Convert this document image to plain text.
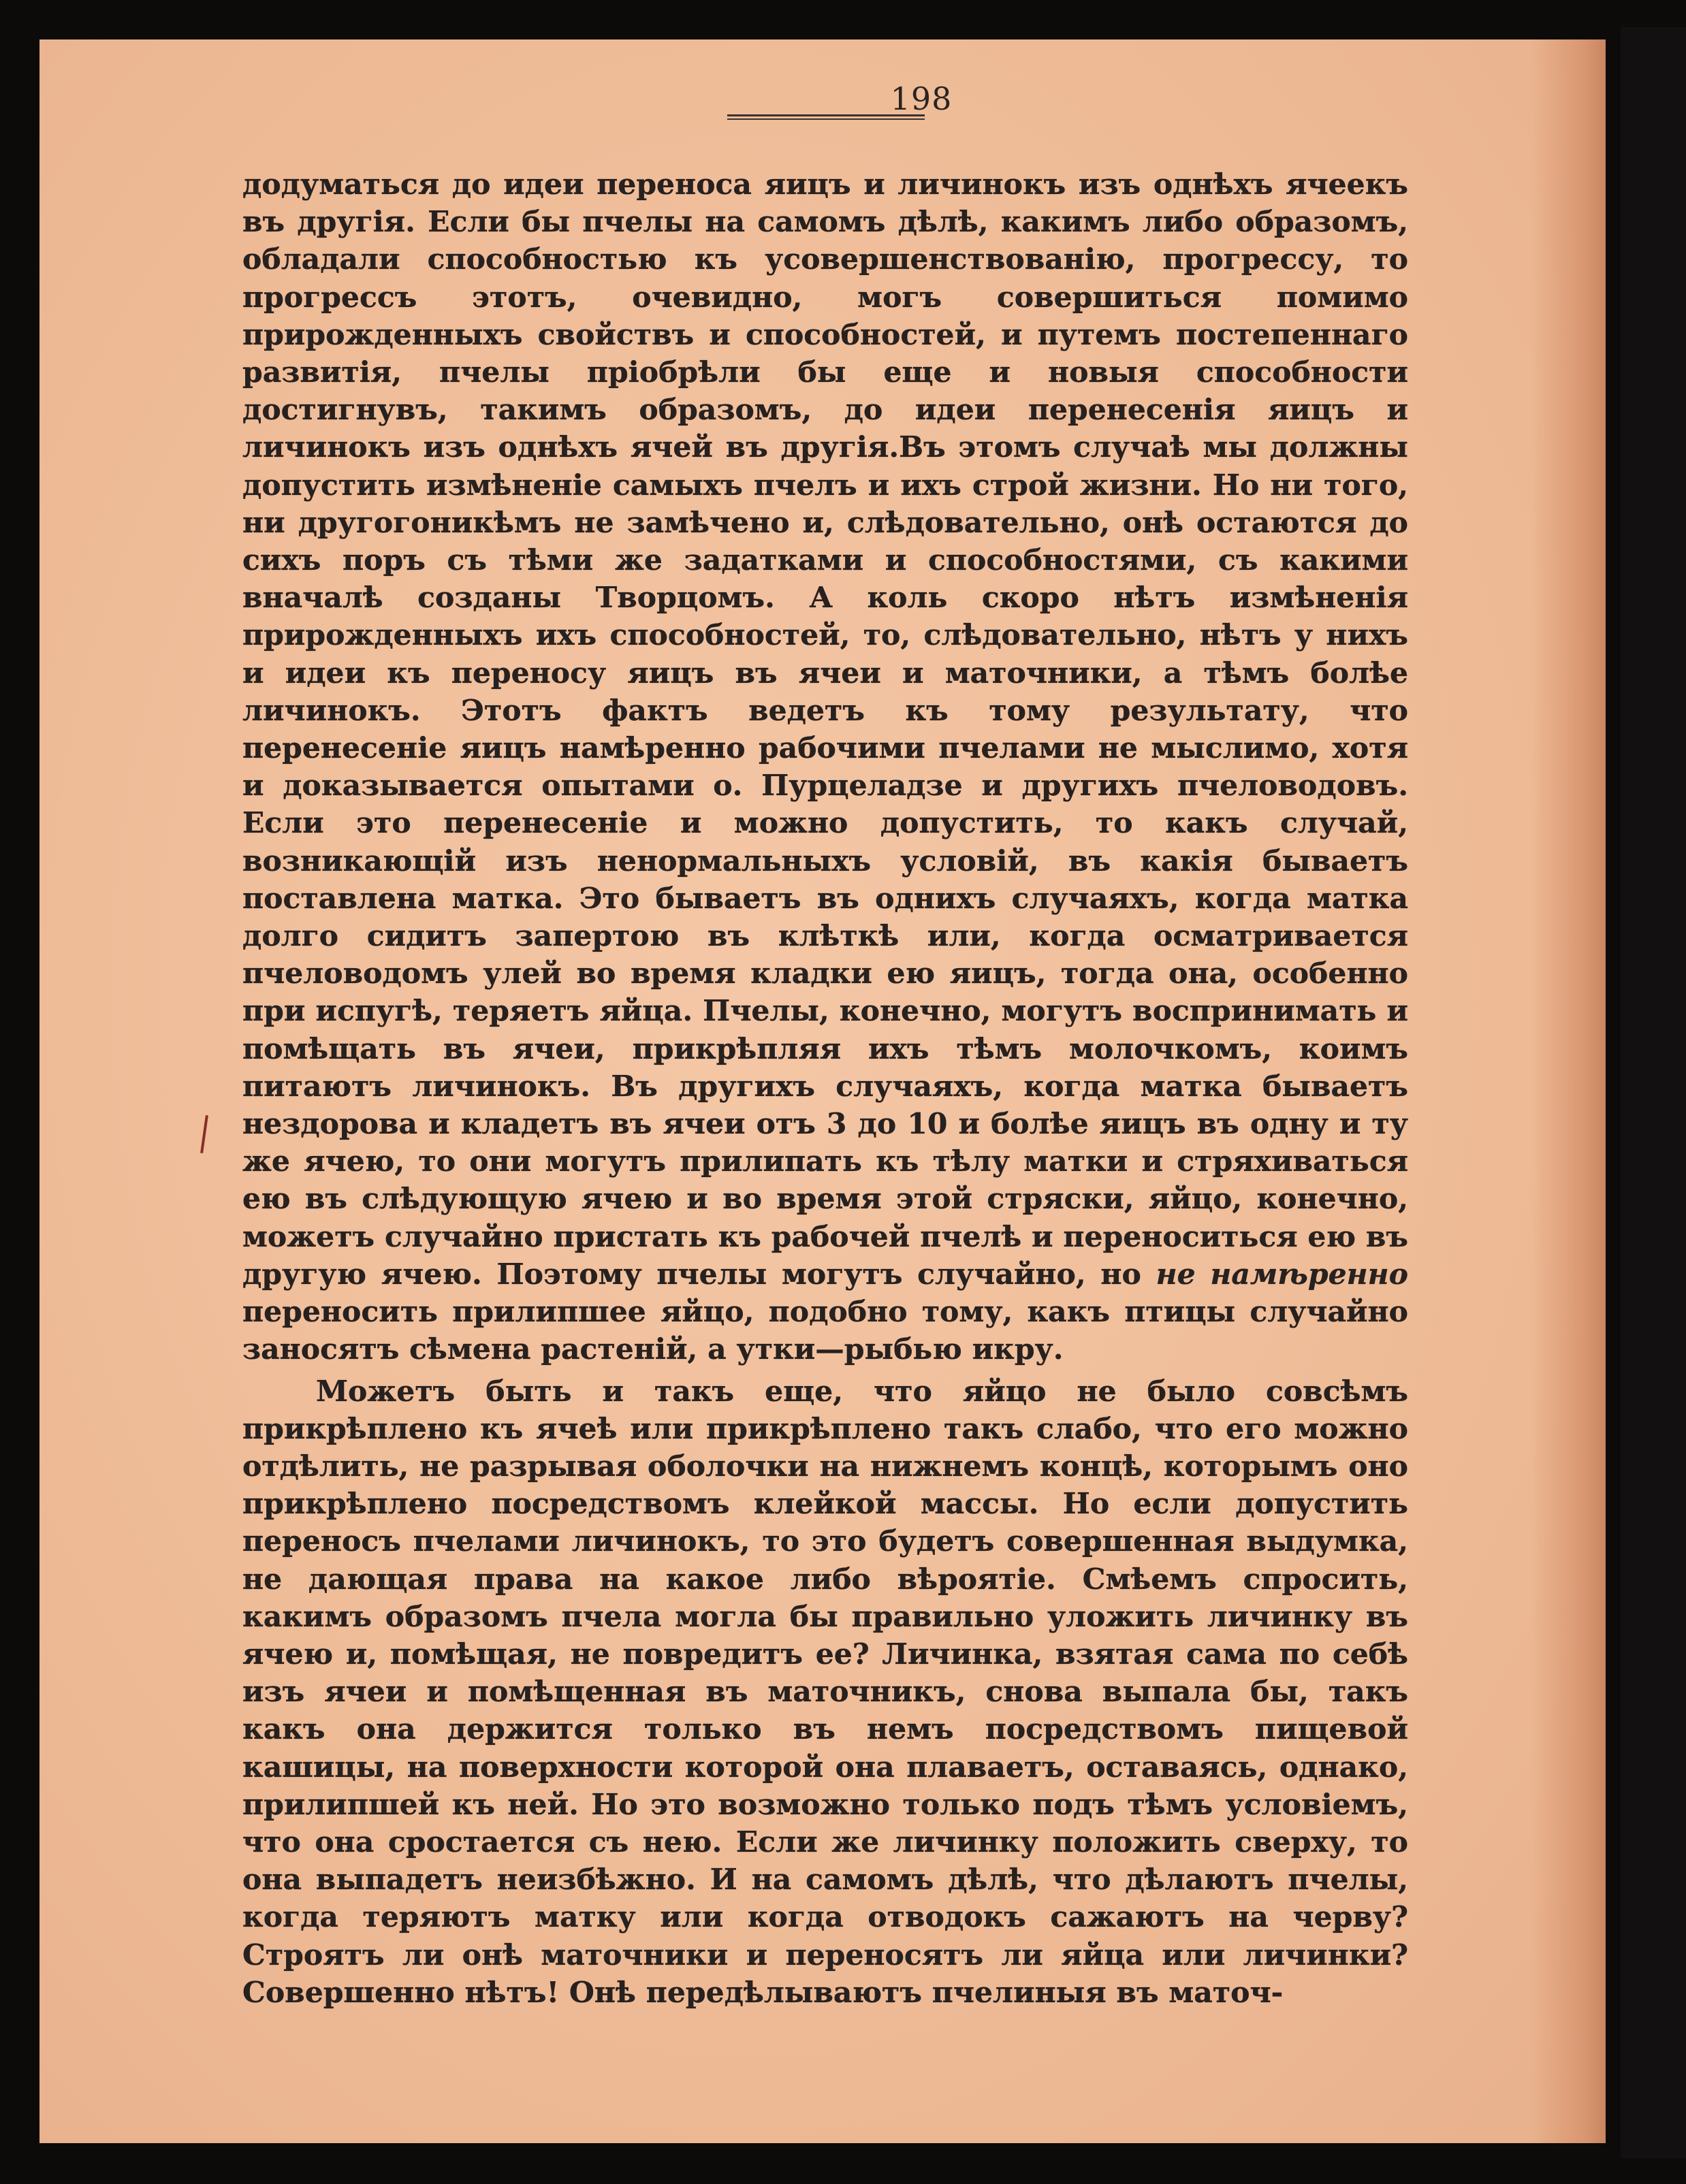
198

додуматься до идеи переноса яицъ и личинокъ изъ однѣхъ ячеекъ въ другія. Если бы пчелы на самомъ дѣлѣ, какимъ либо образомъ, обладали способностью къ усовершенствованію, прогрессу, то прогрессъ этотъ, очевидно, могъ совершиться помимо прирожденныхъ свойствъ и способностей, и путемъ постепеннаго развитія, пчелы пріобрѣли бы еще и новыя способности достигнувъ, такимъ образомъ, до идеи перенесенія яицъ и личинокъ изъ однѣхъ ячей въ другія.Въ этомъ случаѣ мы должны допустить измѣненіе самыхъ пчелъ и ихъ строй жизни. Но ни того, ни другогоникѣмъ не замѣчено и, слѣдовательно, онѣ остаются до сихъ поръ съ тѣми же задатками и способностями, съ какими вначалѣ созданы Творцомъ. А коль скоро нѣтъ измѣненія прирожденныхъ ихъ способностей, то, слѣдовательно, нѣтъ у нихъ и идеи къ переносу яицъ въ ячеи и маточники, а тѣмъ болѣе личинокъ. Этотъ фактъ ведетъ къ тому результату, что перенесеніе яицъ намѣренно рабочими пчелами не мыслимо, хотя и доказывается опытами о. Пурцеладзе и другихъ пчеловодовъ. Если это перенесеніе и можно допустить, то какъ случай, возникающій изъ ненормальныхъ условій, въ какія бываетъ поставлена матка. Это бываетъ въ однихъ случаяхъ, когда матка долго сидитъ запертою въ клѣткѣ или, когда осматривается пчеловодомъ улей во время кладки ею яицъ, тогда она, особенно при испугѣ, теряетъ яйца. Пчелы, конечно, могутъ воспринимать и помѣщать въ ячеи, прикрѣпляя ихъ тѣмъ молочкомъ, коимъ питаютъ личинокъ. Въ другихъ случаяхъ, когда матка бываетъ нездорова и кладетъ въ ячеи отъ 3 до 10 и болѣе яицъ въ одну и ту же ячею, то они могутъ прилипать къ тѣлу матки и стряхиваться ею въ слѣдующую ячею и во время этой стряски, яйцо, конечно, можетъ случайно пристать къ рабочей пчелѣ и переноситься ею въ другую ячею. Поэтому пчелы могутъ случайно, но не намѣренно переносить прилипшее яйцо, подобно тому, какъ птицы случайно заносятъ сѣмена растеній, а утки—рыбью икру.

Можетъ быть и такъ еще, что яйцо не было совсѣмъ прикрѣплено къ ячеѣ или прикрѣплено такъ слабо, что его можно отдѣлить, не разрывая оболочки на нижнемъ концѣ, которымъ оно прикрѣплено посредствомъ клейкой массы. Но если допустить переносъ пчелами личинокъ, то это будетъ совершенная выдумка, не дающая права на какое либо вѣроятіе. Смѣемъ спросить, какимъ образомъ пчела могла бы правильно уложить личинку въ ячею и, помѣщая, не повредитъ ее? Личинка, взятая сама по себѣ изъ ячеи и помѣщенная въ маточникъ, снова выпала бы, такъ какъ она держится только въ немъ посредствомъ пищевой кашицы, на поверхности которой она плаваетъ, оставаясь, однако, прилипшей къ ней. Но это возможно только подъ тѣмъ условіемъ, что она сростается съ нею. Если же личинку положить сверху, то она выпадетъ неизбѣжно. И на самомъ дѣлѣ, что дѣлаютъ пчелы, когда теряютъ матку или когда отводокъ сажаютъ на черву? Строятъ ли онѣ маточники и переносятъ ли яйца или личинки? Совершенно нѣтъ! Онѣ передѣлываютъ пчелиныя въ маточ-
